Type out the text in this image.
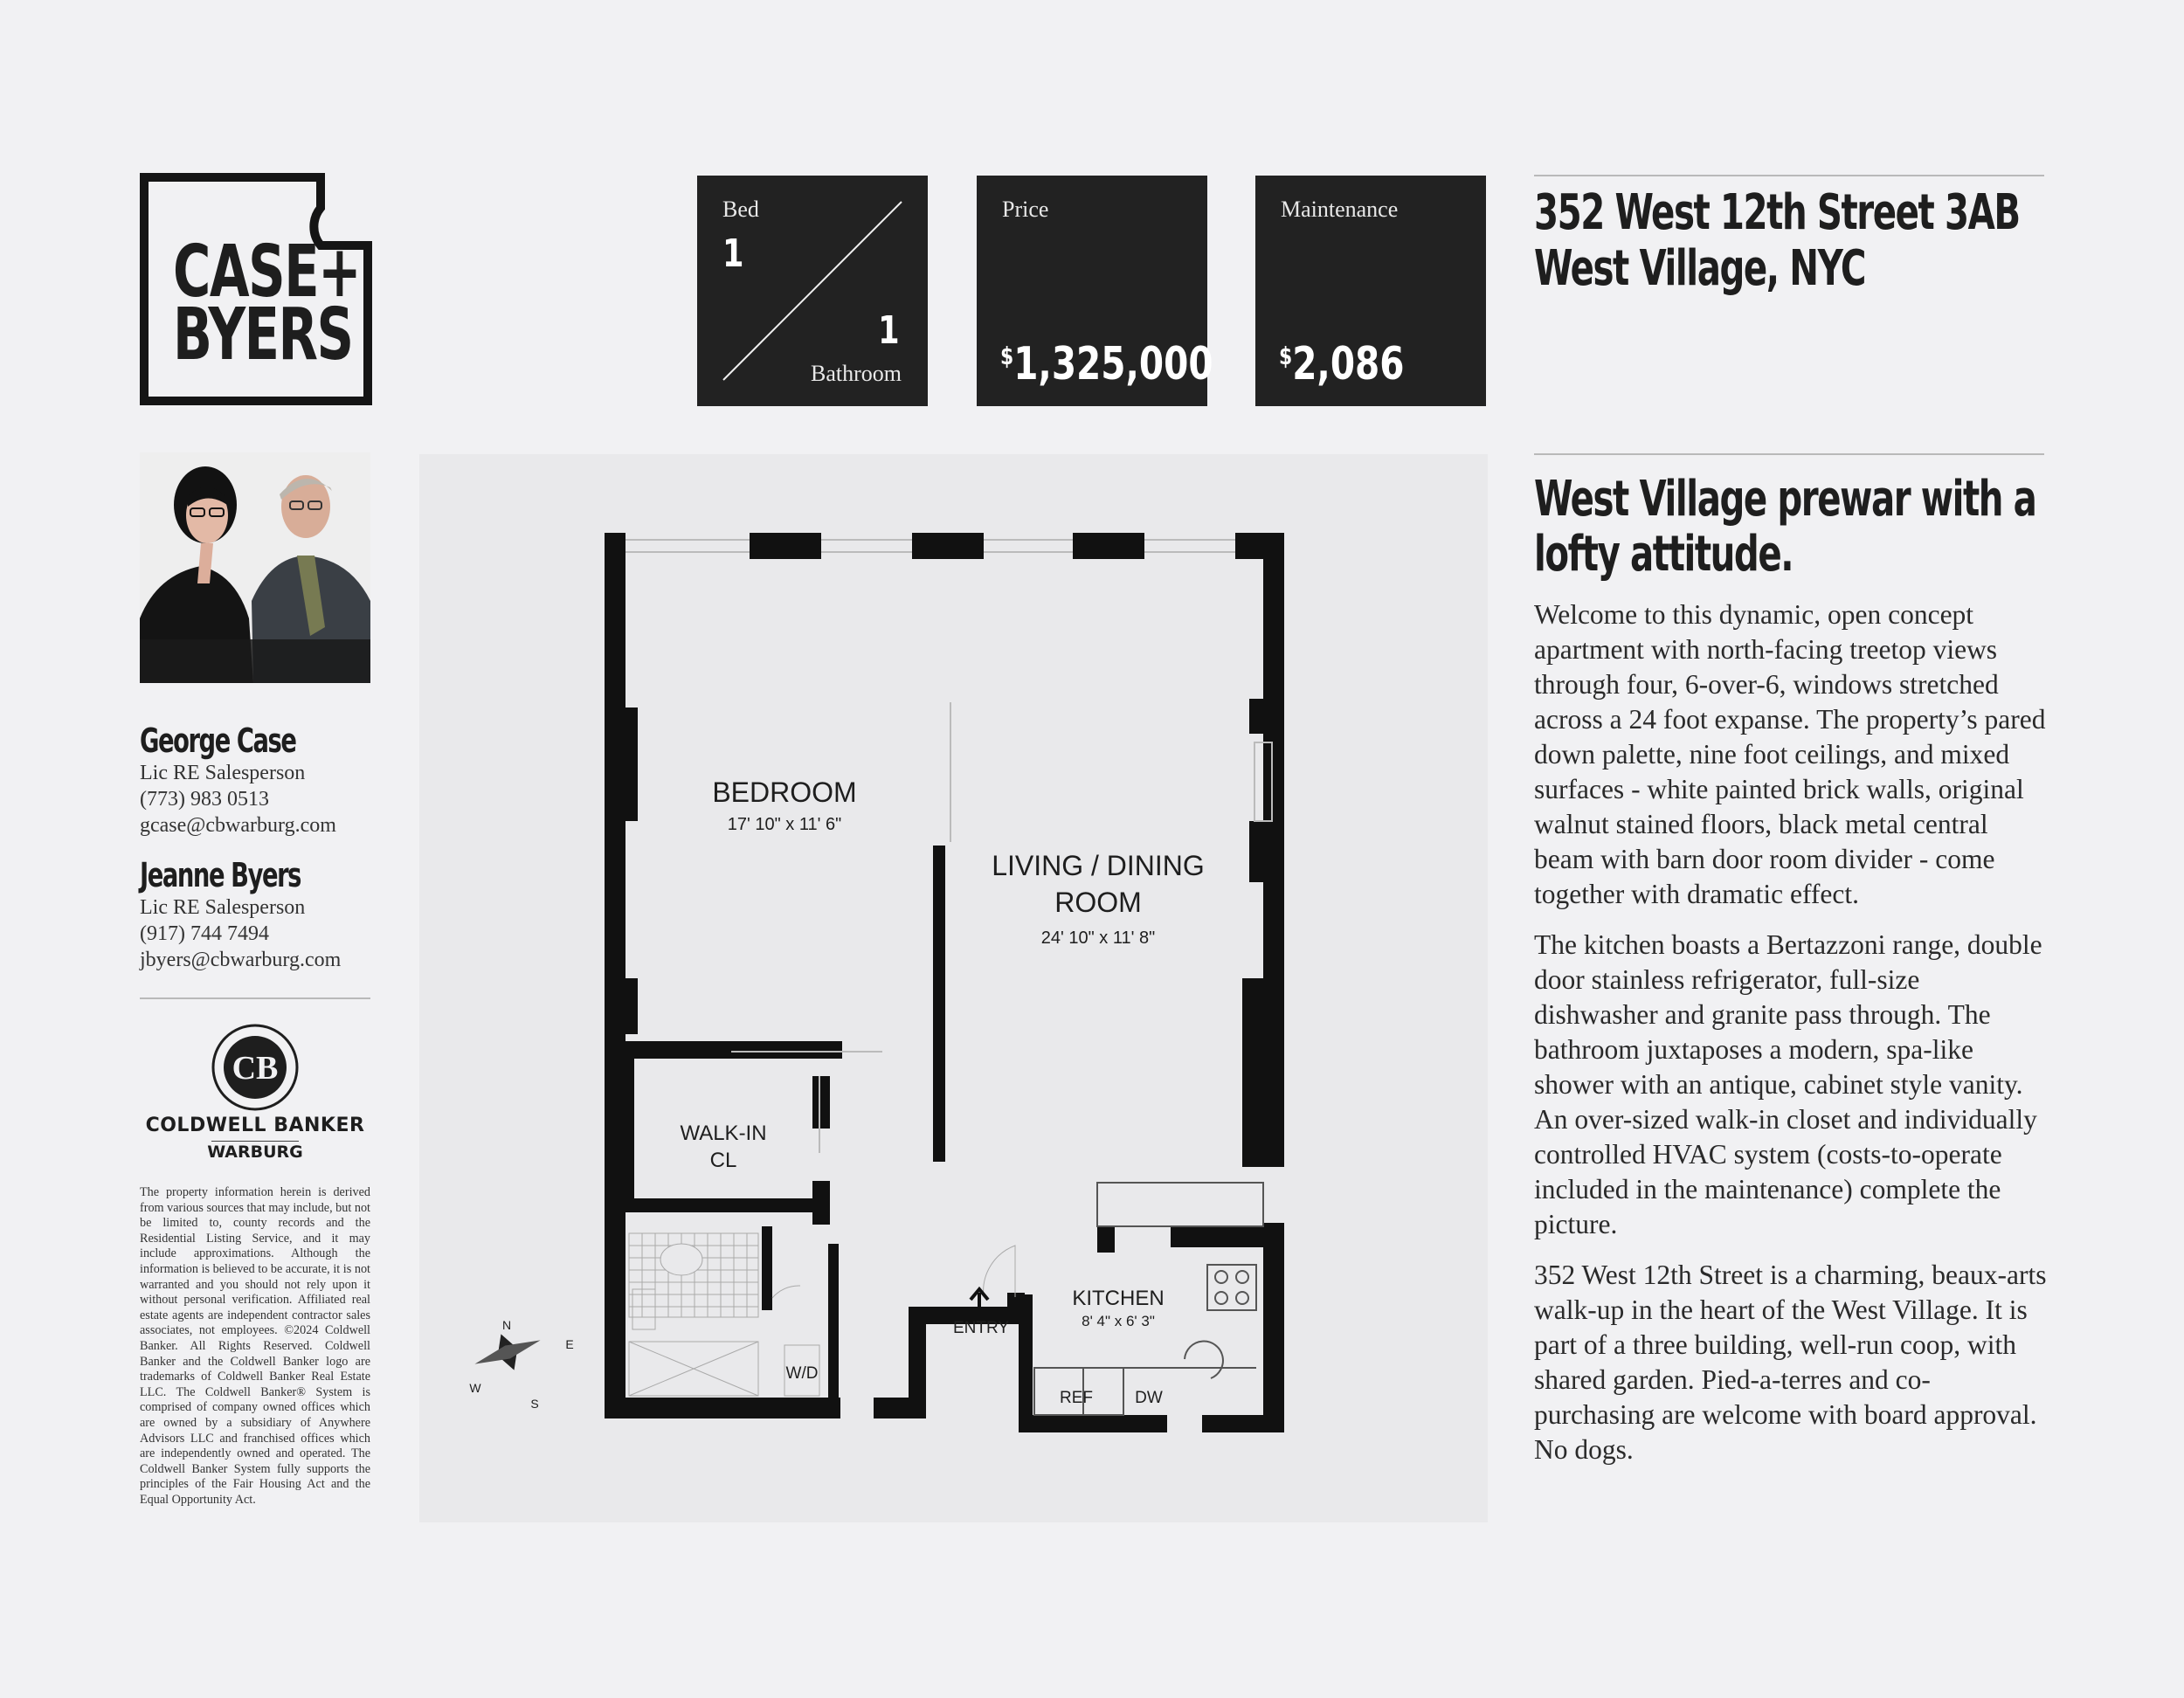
CASE+
BYERS
Bed
1
1
Bathroom
Price
$1,325,000
Maintenance
$2,086
352 West 12th Street 3AB
West Village, NYC
George Case
Lic RE Salesperson
(773) 983 0513
gcase@cbwarburg.com
Jeanne Byers
Lic RE Salesperson
(917) 744 7494
jbyers@cbwarburg.com
CB
COLDWELL BANKER
WARBURG
The property information herein is derived from various sources that may include, but not be limited to, county records and the Residential Listing Service, and it may include approximations. Although the information is believed to be accurate, it is not warranted and you should not rely upon it without personal verification. Affiliated real estate agents are independent contractor sales associates, not employees. ©2024 Coldwell Banker. All Rights Reserved. Coldwell Banker and the Coldwell Banker logo are trademarks of Coldwell Banker Real Estate LLC. The Coldwell Banker® System is comprised of company owned offices which are owned by a subsidiary of Anywhere Advisors LLC and franchised offices which are independently owned and operated. The Coldwell Banker System fully supports the principles of the Fair Housing Act and the Equal Opportunity Act.
BEDROOM
17' 10" x 11' 6"
LIVING / DINING
ROOM
24' 10" x 11' 8"
WALK-IN
CL
KITCHEN
8' 4" x 6' 3"
ENTRY
W/D
REF	DW
N
S
E
W
West Village prewar with a
lofty attitude.

Welcome to this dynamic, open concept apartment with north-facing treetop views through four, 6-over-6, windows stretched across a 24 foot expanse. The property’s pared down palette, nine foot ceilings, and mixed surfaces - white painted brick walls, original walnut stained floors, black metal central beam with barn door room divider - come together with dramatic effect.

The kitchen boasts a Bertazzoni range, double door stainless refrigerator, full-size dishwasher and granite pass through. The bathroom juxtaposes a modern, spa-like shower with an antique, cabinet style vanity. An over-sized walk-in closet and individually controlled HVAC system (costs-to-operate included in the maintenance) complete the picture.

352 West 12th Street is a charming, beaux-arts walk-up in the heart of the West Village. It is part of a three building, well-run coop, with shared garden. Pied-a-terres and co-purchasing are welcome with board approval. No dogs.
